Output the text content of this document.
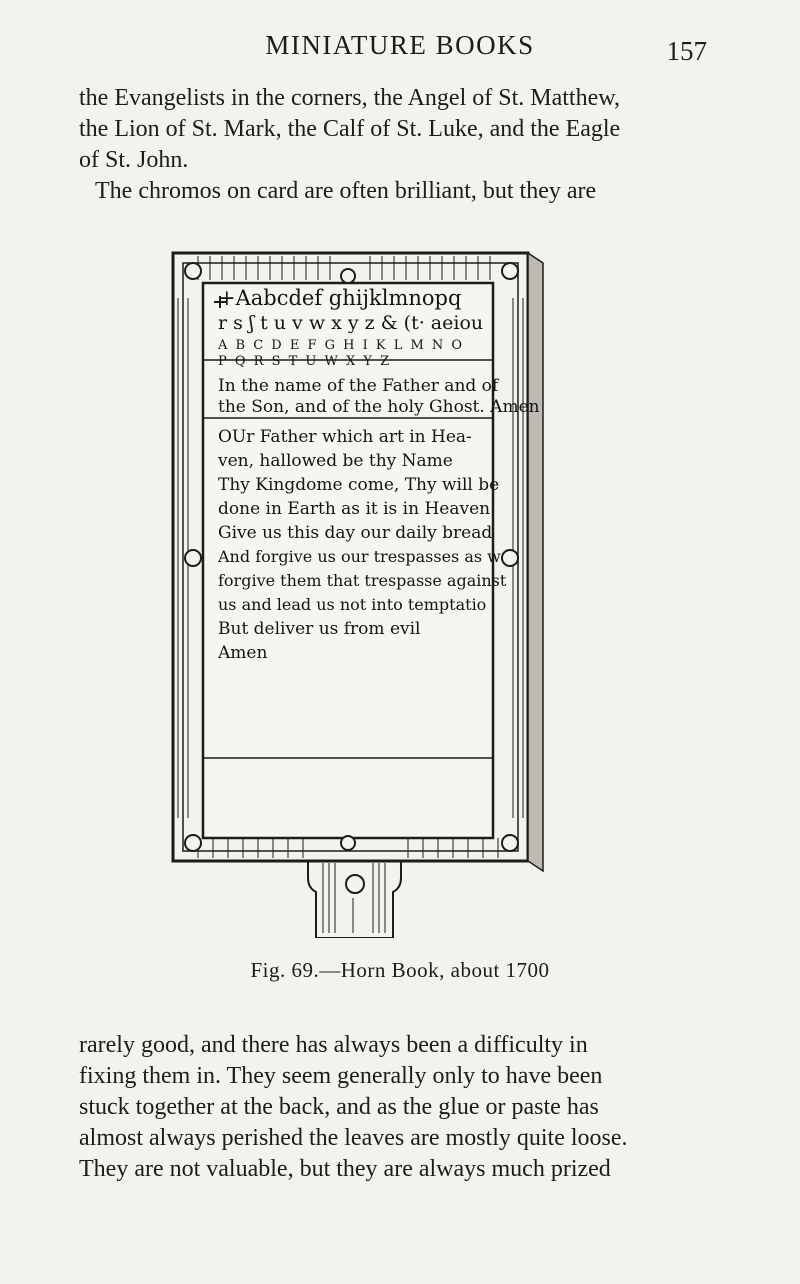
MINIATURE BOOKS	157

the Evangelists in the corners, the Angel of St. Matthew,

the Lion of St. Mark, the Calf of St. Luke, and the Eagle

of St. John.

The chromos on card are often brilliant, but they are

+Aabcdef ghijklmnopq
r s ʃ t u v w x y z & (t· aeiou
A B C D E F G H I K L M N O
P Q R S T U W X Y Z
In the name of the Father and of
the Son, and of the holy Ghost. Amen
OUr Father which art in Hea-
ven, hallowed be thy Name
Thy Kingdome come, Thy will be
done in Earth as it is in Heaven
Give us this day our daily bread
And forgive us our trespasses as w
forgive them that trespasse against
us and lead us not into temptatio
But deliver us from evil
Amen
Fig. 69.—Horn Book, about 1700

rarely good, and there has always been a difficulty in

fixing them in. They seem generally only to have been

stuck together at the back, and as the glue or paste has

almost always perished the leaves are mostly quite loose.

They are not valuable, but they are always much prized
